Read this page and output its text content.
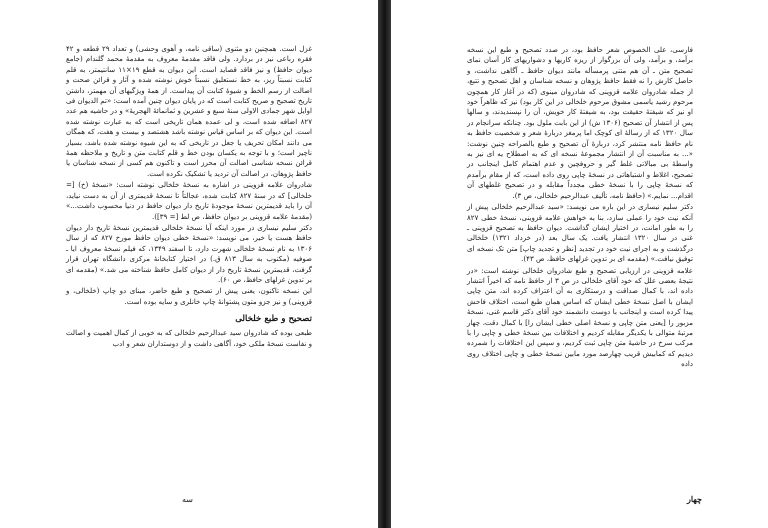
غزل است. همچنین دو مثنوی (ساقی نامه، و آهوی وحشی) و تعداد ۲۹ قطعه و ۴۲ فقره رباعی نیز در بردارد. ولی فاقد مقدمهٔ معروف به مقدمهٔ محمد گلندام (جامع دیوان حافظ) و نیز فاقد قصاید است. این دیوان به قطع ۱۹×۱۱ سانتیمتر، به قلم کتابت نسبتاً ریز، به خط نستعلیق نسبتاً خوش نوشته شده و آثار و قرائن صحت و اصالت از رسم الخط و شیوهٔ کتابت آن پیداست. از همهٔ ویژگیهای آن مهمتر، داشتن تاریخ تصحیح و صریح کتابت است که در پایان دیوان چنین آمده است: «تم الدیوان فی اوایل شهر جمادی الاولی سنهٔ سبع و عشرین و ثمانمائهٔ الهجریهٔ» و در حاشیه هم عدد ۸۲۷ اضافه شده است، و لی عمده همان تاریخی است که به عبارت نوشته شده است. این دیوان که بر اساس قیاس نوشته باشد هشتصد و بیست و هفت، که همگان می دانند امکان تحریف یا جعل در تاریخی که به این شیوه نوشته شده باشد، بسیار ناچیز است؛ و با توجه به یکسان بودن خط و قلم کتابت متن و تاریخ و ملاحظه همهٔ قرائن نسخه شناسی اصالت آن محرز است و تاکنون هم کسی از نسخه شناسان یا حافظ پژوهان، در اصالت آن تردید یا تشکیک نکرده است.

شادروان علامه قزوینی در اشاره به نسخهٔ خلخالی نوشته است: «نسخهٔ (خ) [= خلخالی] که در سنهٔ ۸۲۷ کتابت شده، عجالتاً تا نسخهٔ قدیمتری از آن به دست نیاید، آن را باید قدیمترین نسخهٔ موجودهٔ تاریخ دار دیوان حافظ در دنیا محسوب داشت...» (مقدمهٔ علامه قزوینی بر دیوان حافظ، ص لط [= ۳۹]).

دکتر سلیم نیساری در مورد اینکه آیا نسخهٔ خلخالی قدیمترین نسخهٔ تاریخ دار دیوان حافظ هست یا خیر، می نویسد: «نسخهٔ خطی دیوان حافظ مورخ ۸۲۷ که از سال ۱۳۰۶ به نام نسخهٔ خلخالی شهرت دارد، تا اسفند ۱۳۴۹، که فیلم نسخهٔ معروف ایا ـ صوفیه (مکتوب به سال ۸۱۳ ق.) در اختیار کتابخانهٔ مرکزی دانشگاه تهران قرار گرفت، قدیمترین نسخهٔ تاریخ دار از دیوان کامل حافظ شناخته می شد.» (مقدمه ای بر تدوین غزلهای حافظ، ص ۶۰).

این نسخه تاکنون، یعنی پیش از تصحیح و طبع حاضر، مبنای دو چاپ (خلخالی، و قزوینی) و نیز جزو متون پشتوانهٔ چاپ خانلری و سایه بوده است.

تصحیح و طبع خلخالی

طبعی بوده که شادروان سید عبدالرحیم خلخالی که به خوبی از کمال اهمیت و اصالت و نفاست نسخهٔ ملکی خود، آگاهی داشت و از دوستداران شعر و ادب

سه

فارسی، علی الخصوص شعر حافظ بود، در صدد تصحیح و طبع این نسخه برآمد، و برآمد، ولی آن بزرگوار از ریزه کاریها و دشواریهای کار آسان نمای تصحیح متن ـ آن هم متنی پرمسأله مانند دیوان حافظ ـ آگاهی نداشت، و حاصل کارش را نه فقط حافظ پژوهان و نسخه شناسان و اهل تصحیح و تتبع، از جمله شادروان علامه قزوینی که شادروان مینوی (که در آغاز کار همچون مرحوم رشید یاسمی مشوق مرحوم خلخالی در این کار بود) نیز که ظاهراً خود او نیز که شیفتهٔ حقیقت بود، به شیفتهٔ کار خویش، آن را نپسندیدند، و سالها پس از انتشار آن تصحیح (۱۳۰۶ ش) از این بابت ملول بود. چنانکه سرانجام در سال ۱۳۲۰ که از رسالهٔ ای کوچک اما پرمغز دربارهٔ شعر و شخصیت حافظ به نام حافظ نامه منتشر کرد، دربارهٔ آن تصحیح و طبع بالصراحه چنین نوشت: «... به مناسبت آن از انتشار مجموعهٔ نسخه ای که به اصطلاح یه ای نیز به واسطهٔ بی مبالاتی غلط گیر و حروفچین و عدم اهتمام کامل اینجانب در تصحیح، اغلاط و اشتباهاتی در نسخهٔ چاپی روی داده است، که از مقام برآمدم که نسخهٔ چاپی را با نسخهٔ خطی مجدداً مقابله و در تصحیح غلطهای آن اقدام... نمایم.» (حافظ نامه، تألیف عبدالرحیم خلخالی، ص ۳).

دکتر سلیم نیساری در این باره می نویسد: «سید عبدالرحیم خلخالی پیش از آنکه نیت خود را عملی سازد، بنا به خواهش علامه قزوینی، نسخهٔ خطی ۸۲۷ را به طور امانت، در اختیار ایشان گذاشت. دیوان حافظ به تصحیح قزوینی ـ غنی در سال ۱۳۲۰ انتشار یافت. یک سال بعد (در خرداد ۱۳۲۱) خلخالی درگذشت و به اجرای نیت خود در تجدید [نظر و تجدید چاپ] متن تک نسخه ای توفیق نیافت.» (مقدمه ای بر تدوین غزلهای حافظ، ص ۴۳).

علامه قزوینی در ارزیابی تصحیح و طبع شادروان خلخالی نوشته است: «در نتیجهٔ بعضی علل که خود آقای خلخالی در ص ۳ از حافظ نامه که اخیراً انتشار داده اند، با کمال صداقت و درستکاری به آن اعتراف کرده اند، متن چاپی ایشان با اصل نسخهٔ خطی ایشان که اساس همان طبع است، اختلاف فاحش پیدا کرده است و اینجانب با دوست دانشمند خود آقای دکتر قاسم غنی، نسخهٔ مزبور را [یعنی متن چاپی و نسخهٔ اصلی خطی ایشان را] با کمال دقت، چهار مرتبهٔ متوالی با یکدیگر مقابله کردیم و اختلافات بین نسخهٔ خطی و چاپی را با مرکب سرخ در حاشیهٔ متن چاپی ثبت کردیم، و سپس این اختلافات را شمرده دیدیم که کمابیش قریب چهارصد مورد مابین نسخهٔ خطی و چاپی اختلاف روی داده

چهار
